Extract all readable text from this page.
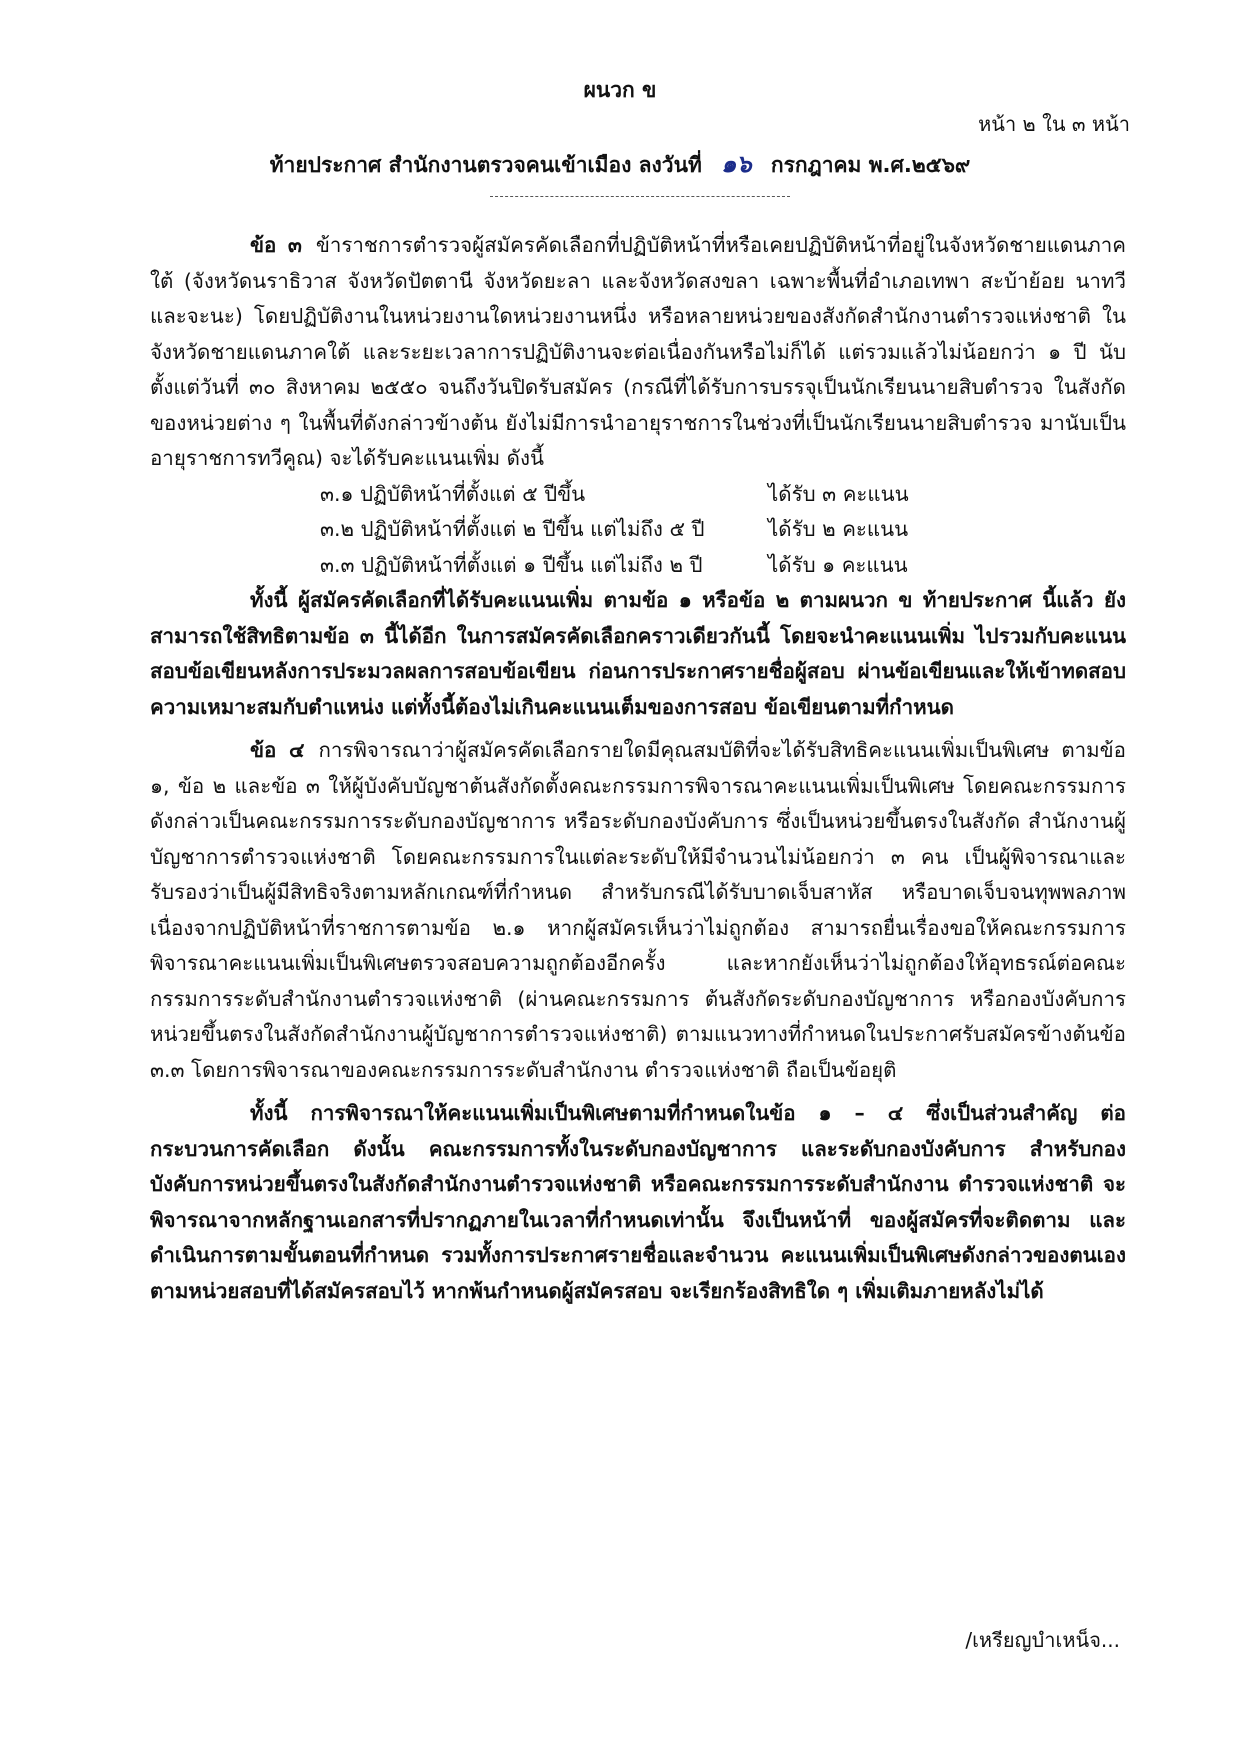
ผนวก ข
หน้า ๒ ใน ๓ หน้า
ท้ายประกาศ สำนักงานตรวจคนเข้าเมือง ลงวันที่ ๑๖ กรกฎาคม พ.ศ.๒๕๖๙

ข้อ ๓ ข้าราชการตำรวจผู้สมัครคัดเลือกที่ปฏิบัติหน้าที่หรือเคยปฏิบัติหน้าที่อยู่ในจังหวัดชายแดนภาคใต้ (จังหวัดนราธิวาส จังหวัดปัตตานี จังหวัดยะลา และจังหวัดสงขลา เฉพาะพื้นที่อำเภอเทพา สะบ้าย้อย นาทวี และจะนะ) โดยปฏิบัติงานในหน่วยงานใดหน่วยงานหนึ่ง หรือหลายหน่วยของสังกัดสำนักงานตำรวจแห่งชาติ ในจังหวัดชายแดนภาคใต้ และระยะเวลาการปฏิบัติงานจะต่อเนื่องกันหรือไม่ก็ได้ แต่รวมแล้วไม่น้อยกว่า ๑ ปี นับตั้งแต่วันที่ ๓๐ สิงหาคม ๒๕๕๐ จนถึงวันปิดรับสมัคร (กรณีที่ได้รับการบรรจุเป็นนักเรียนนายสิบตำรวจ ในสังกัดของหน่วยต่าง ๆ ในพื้นที่ดังกล่าวข้างต้น ยังไม่มีการนำอายุราชการในช่วงที่เป็นนักเรียนนายสิบตำรวจ มานับเป็นอายุราชการทวีคูณ) จะได้รับคะแนนเพิ่ม ดังนี้

๓.๑ ปฏิบัติหน้าที่ตั้งแต่ ๕ ปีขึ้น	ได้รับ ๓ คะแนน
๓.๒ ปฏิบัติหน้าที่ตั้งแต่ ๒ ปีขึ้น แต่ไม่ถึง ๕ ปี	ได้รับ ๒ คะแนน
๓.๓ ปฏิบัติหน้าที่ตั้งแต่ ๑ ปีขึ้น แต่ไม่ถึง ๒ ปี	ได้รับ ๑ คะแนน

ทั้งนี้ ผู้สมัครคัดเลือกที่ได้รับคะแนนเพิ่ม ตามข้อ ๑ หรือข้อ ๒ ตามผนวก ข ท้ายประกาศ นี้แล้ว ยังสามารถใช้สิทธิตามข้อ ๓ นี้ได้อีก ในการสมัครคัดเลือกคราวเดียวกันนี้ โดยจะนำคะแนนเพิ่ม ไปรวมกับคะแนนสอบข้อเขียนหลังการประมวลผลการสอบข้อเขียน ก่อนการประกาศรายชื่อผู้สอบ ผ่านข้อเขียนและให้เข้าทดสอบความเหมาะสมกับตำแหน่ง แต่ทั้งนี้ต้องไม่เกินคะแนนเต็มของการสอบ ข้อเขียนตามที่กำหนด

ข้อ ๔ การพิจารณาว่าผู้สมัครคัดเลือกรายใดมีคุณสมบัติที่จะได้รับสิทธิคะแนนเพิ่มเป็นพิเศษ ตามข้อ ๑, ข้อ ๒ และข้อ ๓ ให้ผู้บังคับบัญชาต้นสังกัดตั้งคณะกรรมการพิจารณาคะแนนเพิ่มเป็นพิเศษ โดยคณะกรรมการ ดังกล่าวเป็นคณะกรรมการระดับกองบัญชาการ หรือระดับกองบังคับการ ซึ่งเป็นหน่วยขึ้นตรงในสังกัด สำนักงานผู้บัญชาการตำรวจแห่งชาติ โดยคณะกรรมการในแต่ละระดับให้มีจำนวนไม่น้อยกว่า ๓ คน เป็นผู้พิจารณาและรับรองว่าเป็นผู้มีสิทธิจริงตามหลักเกณฑ์ที่กำหนด สำหรับกรณีได้รับบาดเจ็บสาหัส หรือบาดเจ็บจนทุพพลภาพ เนื่องจากปฏิบัติหน้าที่ราชการตามข้อ ๒.๑ หากผู้สมัครเห็นว่าไม่ถูกต้อง สามารถยื่นเรื่องขอให้คณะกรรมการพิจารณาคะแนนเพิ่มเป็นพิเศษตรวจสอบความถูกต้องอีกครั้ง และหากยังเห็นว่าไม่ถูกต้องให้อุทธรณ์ต่อคณะกรรมการระดับสำนักงานตำรวจแห่งชาติ (ผ่านคณะกรรมการ ต้นสังกัดระดับกองบัญชาการ หรือกองบังคับการหน่วยขึ้นตรงในสังกัดสำนักงานผู้บัญชาการตำรวจแห่งชาติ) ตามแนวทางที่กำหนดในประกาศรับสมัครข้างต้นข้อ ๓.๓ โดยการพิจารณาของคณะกรรมการระดับสำนักงาน ตำรวจแห่งชาติ ถือเป็นข้อยุติ

ทั้งนี้ การพิจารณาให้คะแนนเพิ่มเป็นพิเศษตามที่กำหนดในข้อ ๑ – ๔ ซึ่งเป็นส่วนสำคัญ ต่อกระบวนการคัดเลือก ดังนั้น คณะกรรมการทั้งในระดับกองบัญชาการ และระดับกองบังคับการ สำหรับกองบังคับการหน่วยขึ้นตรงในสังกัดสำนักงานตำรวจแห่งชาติ หรือคณะกรรมการระดับสำนักงาน ตำรวจแห่งชาติ จะพิจารณาจากหลักฐานเอกสารที่ปรากฏภายในเวลาที่กำหนดเท่านั้น จึงเป็นหน้าที่ ของผู้สมัครที่จะติดตาม และดำเนินการตามขั้นตอนที่กำหนด รวมทั้งการประกาศรายชื่อและจำนวน คะแนนเพิ่มเป็นพิเศษดังกล่าวของตนเองตามหน่วยสอบที่ได้สมัครสอบไว้ หากพ้นกำหนดผู้สมัครสอบ จะเรียกร้องสิทธิใด ๆ เพิ่มเติมภายหลังไม่ได้

/เหรียญบำเหน็จ...
